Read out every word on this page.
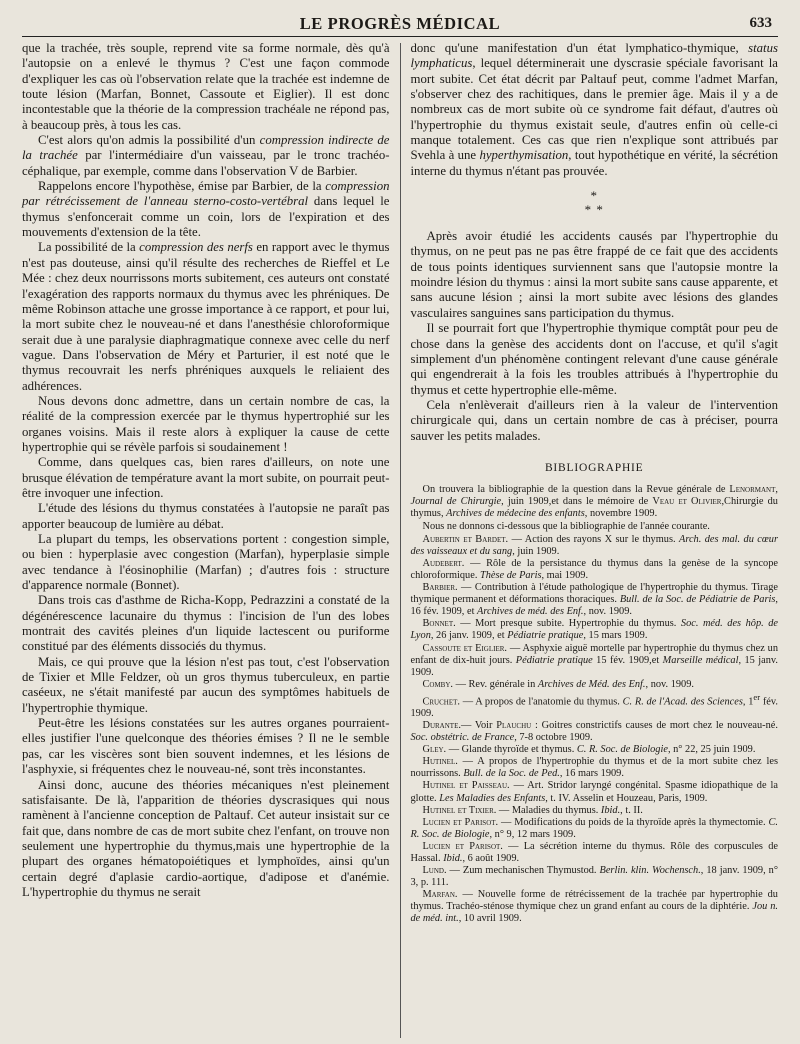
LE PROGRÈS MÉDICAL	633

que la trachée, très souple, reprend vite sa forme normale, dès qu'à l'autopsie on a enlevé le thymus ? C'est une façon commode d'expliquer les cas où l'observation relate que la trachée est indemne de toute lésion (Marfan, Bonnet, Cassoute et Eiglier). Il est donc incontestable que la théorie de la compression trachéale ne répond pas, à beaucoup près, à tous les cas.

C'est alors qu'on admis la possibilité d'un compression indirecte de la trachée par l'intermédiaire d'un vaisseau, par le tronc trachéo-céphalique, par exemple, comme dans l'observation V de Barbier.

Rappelons encore l'hypothèse, émise par Barbier, de la compression par rétrécissement de l'anneau sterno-costo-vertébral dans lequel le thymus s'enfoncerait comme un coin, lors de l'expiration et des mouvements d'extension de la tête.

La possibilité de la compression des nerfs en rapport avec le thymus n'est pas douteuse, ainsi qu'il résulte des recherches de Rieffel et Le Mée : chez deux nourrissons morts subitement, ces auteurs ont constaté l'exagération des rapports normaux du thymus avec les phréniques. De même Robinson attache une grosse importance à ce rapport, et pour lui, la mort subite chez le nouveau-né et dans l'anesthésie chloroformique serait due à une paralysie diaphragmatique connexe avec celle du nerf vague. Dans l'observation de Méry et Parturier, il est noté que le thymus recouvrait les nerfs phréniques auxquels le reliaient des adhérences.

Nous devons donc admettre, dans un certain nombre de cas, la réalité de la compression exercée par le thymus hypertrophié sur les organes voisins. Mais il reste alors à expliquer la cause de cette hypertrophie qui se révèle parfois si soudainement !

Comme, dans quelques cas, bien rares d'ailleurs, on note une brusque élévation de température avant la mort subite, on pourrait peut-être invoquer une infection.

L'étude des lésions du thymus constatées à l'autopsie ne paraît pas apporter beaucoup de lumière au débat.

La plupart du temps, les observations portent : congestion simple, ou bien : hyperplasie avec congestion (Marfan), hyperplasie simple avec tendance à l'éosinophilie (Marfan) ; d'autres fois : structure d'apparence normale (Bonnet).

Dans trois cas d'asthme de Richa-Kopp, Pedrazzini a constaté de la dégénérescence lacunaire du thymus : l'incision de l'un des lobes montrait des cavités pleines d'un liquide lactescent ou puriforme constitué par des éléments dissociés du thymus.

Mais, ce qui prouve que la lésion n'est pas tout, c'est l'observation de Tixier et Mlle Feldzer, où un gros thymus tuberculeux, en partie caséeux, ne s'était manifesté par aucun des symptômes habituels de l'hypertrophie thymique.

Peut-être les lésions constatées sur les autres organes pourraient-elles justifier l'une quelconque des théories émises ? Il ne le semble pas, car les viscères sont bien souvent indemnes, et les lésions de l'asphyxie, si fréquentes chez le nouveau-né, sont très inconstantes.

Ainsi donc, aucune des théories mécaniques n'est pleinement satisfaisante. De là, l'apparition de théories dyscrasiques qui nous ramènent à l'ancienne conception de Paltauf. Cet auteur insistait sur ce fait que, dans nombre de cas de mort subite chez l'enfant, on trouve non seulement une hypertrophie du thymus,mais une hypertrophie de la plupart des organes hématopoiétiques et lymphoïdes, ainsi qu'un certain degré d'aplasie cardio-aortique, d'adipose et d'anémie. L'hypertrophie du thymus ne serait

donc qu'une manifestation d'un état lymphatico-thymique, status lymphaticus, lequel déterminerait une dyscrasie spéciale favorisant la mort subite. Cet état décrit par Paltauf peut, comme l'admet Marfan, s'observer chez des rachitiques, dans le premier âge. Mais il y a de nombreux cas de mort subite où ce syndrome fait défaut, d'autres où l'hypertrophie du thymus existait seule, d'autres enfin où celle-ci manque totalement. Ces cas que rien n'explique sont attribués par Svehla à une hyperthymisation, tout hypothétique en vérité, la sécrétion interne du thymus n'étant pas prouvée.

*
* *

Après avoir étudié les accidents causés par l'hypertrophie du thymus, on ne peut pas ne pas être frappé de ce fait que des accidents de tous points identiques surviennent sans que l'autopsie montre la moindre lésion du thymus : ainsi la mort subite sans cause apparente, et sans aucune lésion ; ainsi la mort subite avec lésions des glandes vasculaires sanguines sans participation du thymus.

Il se pourrait fort que l'hypertrophie thymique comptât pour peu de chose dans la genèse des accidents dont on l'accuse, et qu'il s'agit simplement d'un phénomène contingent relevant d'une cause générale qui engendrerait à la fois les troubles attribués à l'hypertrophie du thymus et cette hypertrophie elle-même.

Cela n'enlèverait d'ailleurs rien à la valeur de l'intervention chirurgicale qui, dans un certain nombre de cas à préciser, pourra sauver les petits malades.

BIBLIOGRAPHIE

On trouvera la bibliographie de la question dans la Revue générale de Lenormant, Journal de Chirurgie, juin 1909,et dans le mémoire de Veau et Olivier,Chirurgie du thymus, Archives de médecine des enfants, novembre 1909.

Nous ne donnons ci-dessous que la bibliographie de l'année courante.

Aubertin et Bardet. — Action des rayons X sur le thymus. Arch. des mal. du cœur des vaisseaux et du sang, juin 1909.

Audebert. — Rôle de la persistance du thymus dans la genèse de la syncope chloroformique. Thèse de Paris, mai 1909.

Barbier. — Contribution à l'étude pathologique de l'hypertrophie du thymus. Tirage thymique permanent et déformations thoraciques. Bull. de la Soc. de Pédiatrie de Paris, 16 fév. 1909, et Archives de méd. des Enf., nov. 1909.

Bonnet. — Mort presque subite. Hypertrophie du thymus. Soc. méd. des hôp. de Lyon, 26 janv. 1909, et Pédiatrie pratique, 15 mars 1909.

Cassoute et Eiglier. — Asphyxie aiguë mortelle par hypertrophie du thymus chez un enfant de dix-huit jours. Pédiatrie pratique 15 fév. 1909,et Marseille médical, 15 janv. 1909.

Comby. — Rev. générale in Archives de Méd. des Enf., nov. 1909.

Cruchet. — A propos de l'anatomie du thymus. C. R. de l'Acad. des Sciences, 1er fév. 1909.

Durante.— Voir Plauchu : Goitres constrictifs causes de mort chez le nouveau-né. Soc. obstétric. de France, 7-8 octobre 1909.

Gley. — Glande thyroïde et thymus. C. R. Soc. de Biologie, n° 22, 25 juin 1909.

Hutinel. — A propos de l'hypertrophie du thymus et de la mort subite chez les nourrissons. Bull. de la Soc. de Ped., 16 mars 1909.

Hutinel et Paisseau. — Art. Stridor laryngé congénital. Spasme idiopathique de la glotte. Les Maladies des Enfants, t. IV. Asselin et Houzeau, Paris, 1909.

Hutinel et Tixier. — Maladies du thymus. Ibid., t. II.

Lucien et Parisot. — Modifications du poids de la thyroïde après la thymectomie. C. R. Soc. de Biologie, n° 9, 12 mars 1909.

Lucien et Parisot. — La sécrétion interne du thymus. Rôle des corpuscules de Hassal. Ibid., 6 août 1909.

Lund. — Zum mechanischen Thymustod. Berlin. klin. Wochensch., 18 janv. 1909, n° 3, p. 111.

Marfan. — Nouvelle forme de rétrécissement de la trachée par hypertrophie du thymus. Trachéo-sténose thymique chez un grand enfant au cours de la diphtérie. Jou n. de méd. int., 10 avril 1909.
